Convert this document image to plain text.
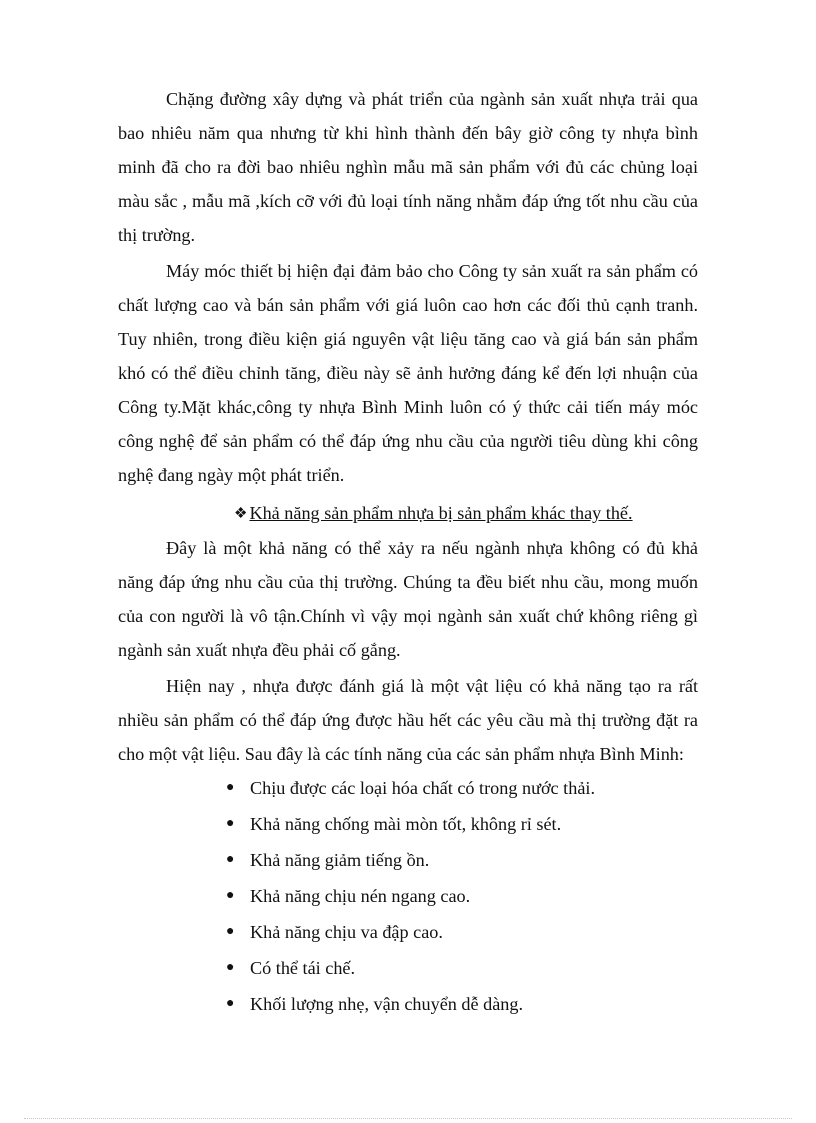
Chặng đường xây dựng và phát triển của ngành sản xuất nhựa trải qua bao nhiêu năm qua nhưng từ khi hình thành đến bây giờ công ty nhựa bình minh đã cho ra đời bao nhiêu nghìn mẫu mã sản phẩm với đủ các chủng loại màu sắc , mẫu mã ,kích cỡ với đủ loại tính năng nhằm đáp ứng tốt nhu cầu của thị trường.

Máy móc thiết bị hiện đại đảm bảo cho Công ty sản xuất ra sản phẩm có chất lượng cao và bán sản phẩm với giá luôn cao hơn các đối thủ cạnh tranh. Tuy nhiên, trong điều kiện giá nguyên vật liệu tăng cao và giá bán sản phẩm khó có thể điều chỉnh tăng, điều này sẽ ảnh hưởng đáng kể đến lợi nhuận của Công ty.Mặt khác,công ty nhựa Bình Minh luôn có ý thức cải tiến máy móc công nghệ để sản phẩm có thể đáp ứng nhu cầu của người tiêu dùng khi công nghệ đang ngày một phát triển.

❖ Khả năng sản phẩm nhựa bị sản phẩm khác thay thế.

Đây là một khả năng có thể xảy ra nếu ngành nhựa không có đủ khả năng đáp ứng nhu cầu của thị trường. Chúng ta đều biết nhu cầu, mong muốn của con người là vô tận.Chính vì vậy mọi ngành sản xuất chứ không riêng gì ngành sản xuất nhựa đều phải cố gắng.

Hiện nay , nhựa được đánh giá là một vật liệu có khả năng tạo ra rất nhiều sản phẩm có thể đáp ứng được hầu hết các yêu cầu mà thị trường đặt ra cho một vật liệu. Sau đây là các tính năng của các sản phẩm nhựa Bình Minh:

● Chịu được các loại hóa chất có trong nước thải.
● Khả năng chống mài mòn tốt, không rỉ sét.
● Khả năng giảm tiếng ồn.
● Khả năng chịu nén ngang cao.
● Khả năng chịu va đập cao.
● Có thể tái chế.
● Khối lượng nhẹ, vận chuyển dễ dàng.
